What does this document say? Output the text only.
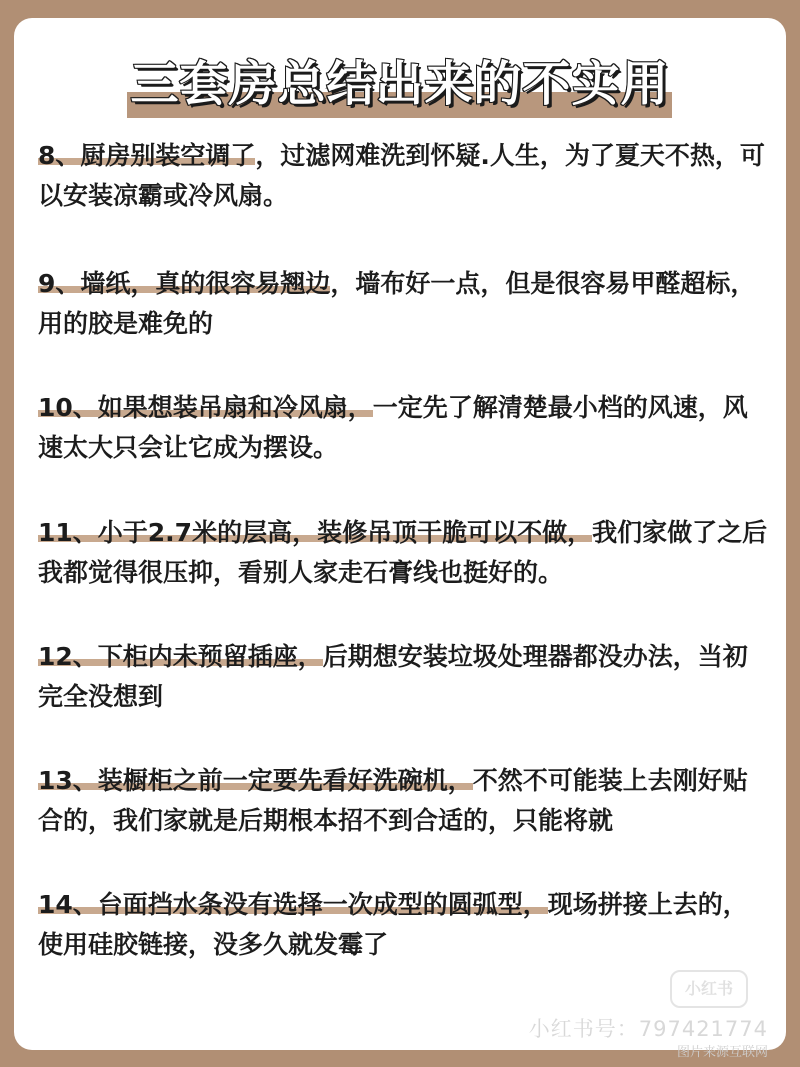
三套房总结出来的不实用
8、厨房别装空调了，过滤网难洗到怀疑.人生，为了夏天不热，可以安装凉霸或冷风扇。
9、墙纸，真的很容易翘边，墙布好一点，但是很容易甲醛超标，用的胶是难免的
10、如果想装吊扇和冷风扇，一定先了解清楚最小档的风速，风速太大只会让它成为摆设。
11、小于2.7米的层高，装修吊顶干脆可以不做，我们家做了之后我都觉得很压抑，看别人家走石膏线也挺好的。
12、下柜内未预留插座，后期想安装垃圾处理器都没办法，当初完全没想到
13、装橱柜之前一定要先看好洗碗机，不然不可能装上去刚好贴合的，我们家就是后期根本招不到合适的，只能将就
14、台面挡水条没有选择一次成型的圆弧型，现场拼接上去的，使用硅胶链接，没多久就发霉了
小红书
小红书号：797421774
图片来源互联网
